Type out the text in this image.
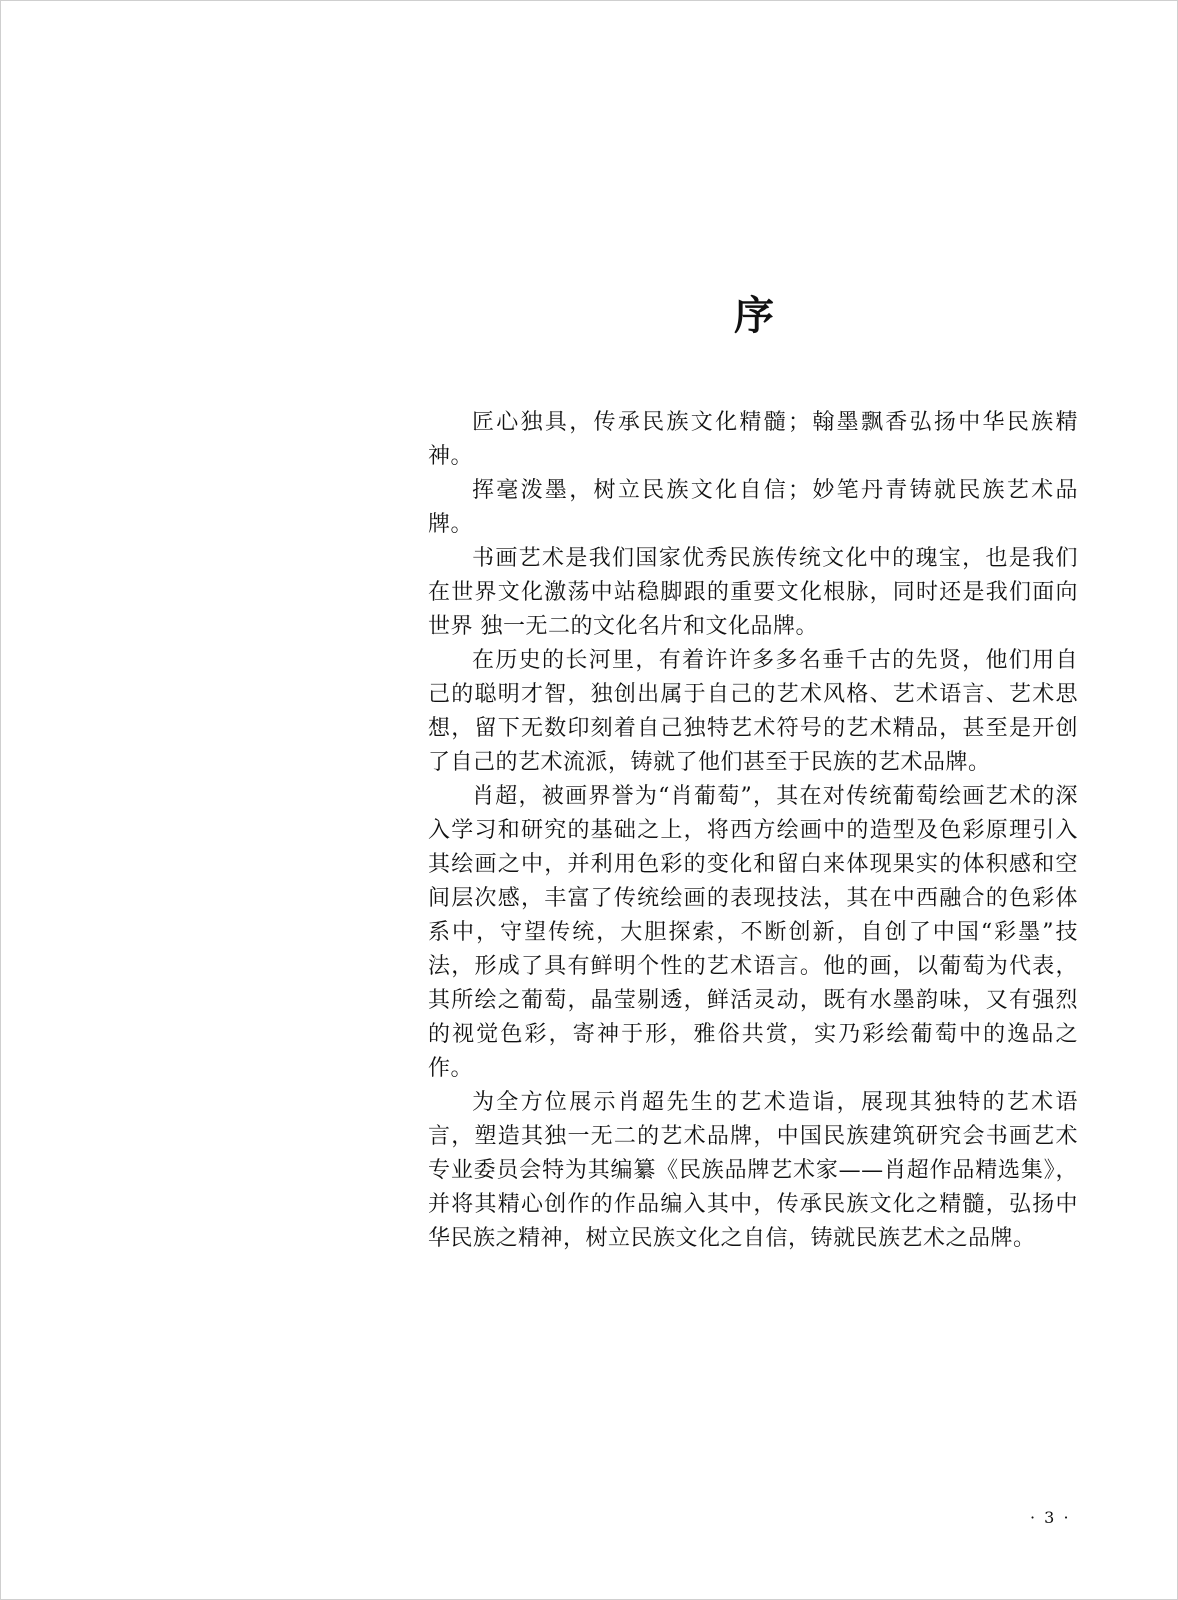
序

匠心独具，传承民族文化精髓；翰墨飘香弘扬中华民族精神。

挥毫泼墨，树立民族文化自信；妙笔丹青铸就民族艺术品牌。

书画艺术是我们国家优秀民族传统文化中的瑰宝，也是我们在世界文化激荡中站稳脚跟的重要文化根脉，同时还是我们面向世界 独一无二的文化名片和文化品牌。

在历史的长河里，有着许许多多名垂千古的先贤，他们用自己的聪明才智，独创出属于自己的艺术风格、艺术语言、艺术思想，留下无数印刻着自己独特艺术符号的艺术精品，甚至是开创了自己的艺术流派，铸就了他们甚至于民族的艺术品牌。

肖超，被画界誉为“肖葡萄”，其在对传统葡萄绘画艺术的深入学习和研究的基础之上，将西方绘画中的造型及色彩原理引入其绘画之中，并利用色彩的变化和留白来体现果实的体积感和空间层次感，丰富了传统绘画的表现技法，其在中西融合的色彩体系中，守望传统，大胆探索，不断创新，自创了中国“彩墨”技法，形成了具有鲜明个性的艺术语言。他的画，以葡萄为代表，其所绘之葡萄，晶莹剔透，鲜活灵动，既有水墨韵味，又有强烈的视觉色彩，寄神于形，雅俗共赏，实乃彩绘葡萄中的逸品之作。

为全方位展示肖超先生的艺术造诣，展现其独特的艺术语言，塑造其独一无二的艺术品牌，中国民族建筑研究会书画艺术专业委员会特为其编纂《民族品牌艺术家——肖超作品精选集》，并将其精心创作的作品编入其中，传承民族文化之精髓，弘扬中华民族之精神，树立民族文化之自信，铸就民族艺术之品牌。

· 3 ·
